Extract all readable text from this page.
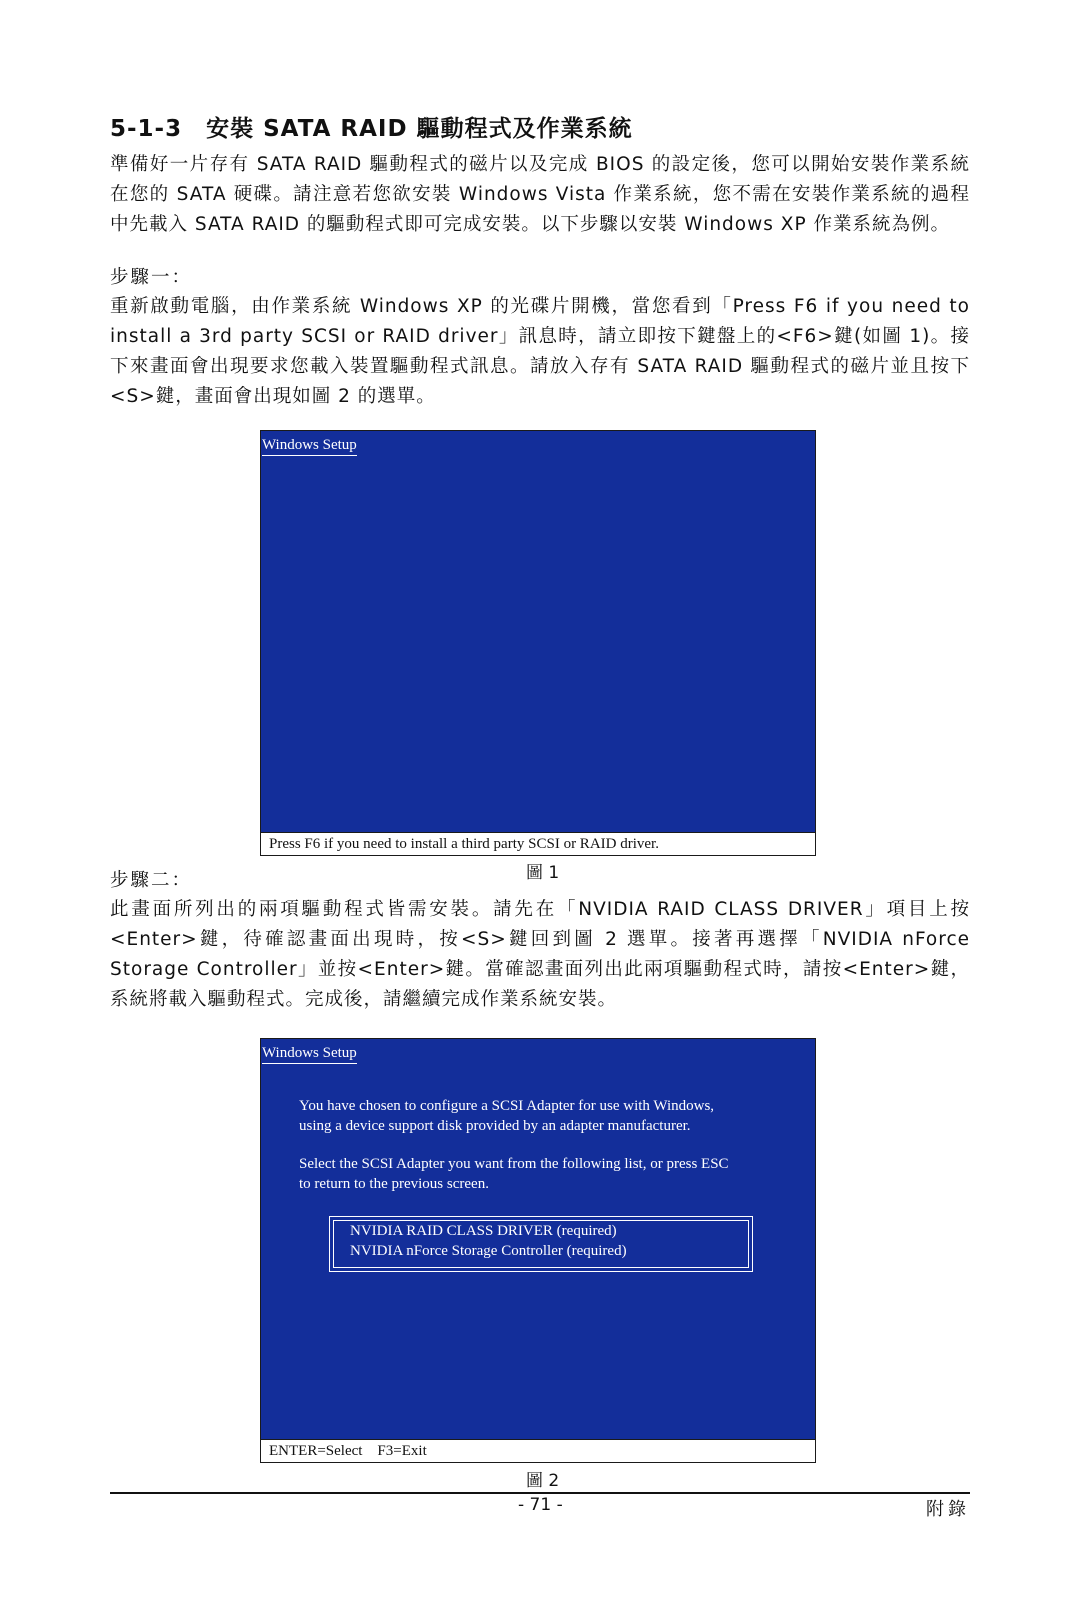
5-1-3　安裝 SATA RAID 驅動程式及作業系統
準備好一片存有 SATA RAID 驅動程式的磁片以及完成 BIOS 的設定後，您可以開始安裝作業系統在您的 SATA 硬碟。請注意若您欲安裝 Windows Vista 作業系統，您不需在安裝作業系統的過程中先載入 SATA RAID 的驅動程式即可完成安裝。以下步驟以安裝 Windows XP 作業系統為例。
步驟一：
重新啟動電腦，由作業系統 Windows XP 的光碟片開機，當您看到「Press F6 if you need to install a 3rd party SCSI or RAID driver」訊息時，請立即按下鍵盤上的<F6>鍵(如圖 1)。接下來畫面會出現要求您載入裝置驅動程式訊息。請放入存有 SATA RAID 驅動程式的磁片並且按下<S>鍵，畫面會出現如圖 2 的選單。
Windows Setup
Press F6 if you need to install a third party SCSI or RAID driver.
圖 1
步驟二：
此畫面所列出的兩項驅動程式皆需安裝。請先在「NVIDIA RAID CLASS DRIVER」項目上按<Enter>鍵，待確認畫面出現時，按<S>鍵回到圖 2 選單。接著再選擇「NVIDIA nForce Storage Controller」並按<Enter>鍵。當確認畫面列出此兩項驅動程式時，請按<Enter>鍵，系統將載入驅動程式。完成後，請繼續完成作業系統安裝。
Windows Setup
You have chosen to configure a SCSI Adapter for use with Windows,
using a device support disk provided by an adapter manufacturer.
Select the SCSI Adapter you want from the following list, or press ESC
to return to the previous screen.
NVIDIA RAID CLASS DRIVER (required)
NVIDIA nForce Storage Controller (required)
ENTER=Select　F3=Exit
圖 2
- 71 -	附錄
